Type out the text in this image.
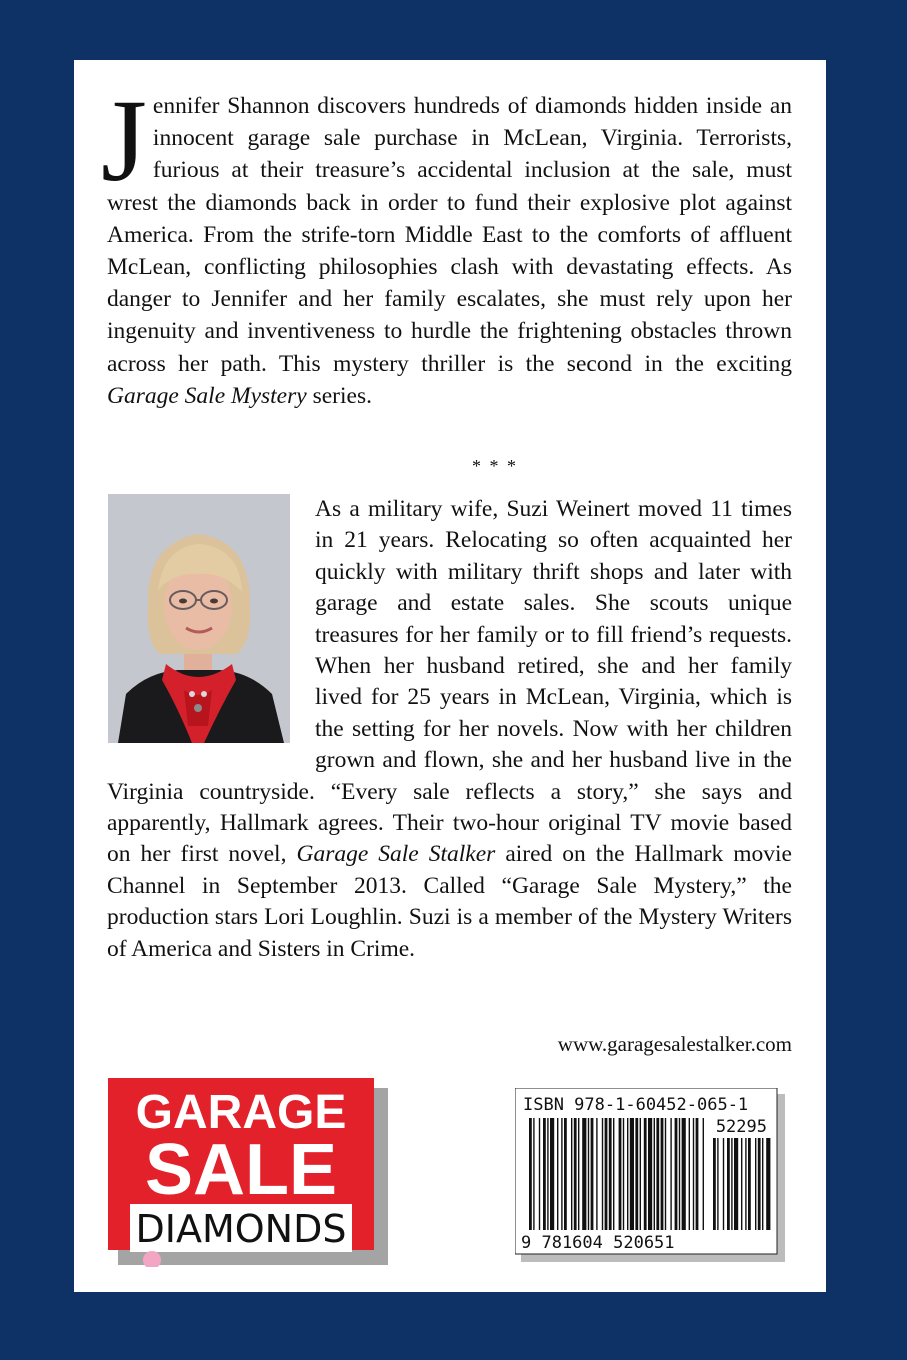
Jennifer Shannon discovers hundreds of diamonds hidden inside an innocent garage sale purchase in McLean, Virginia. Terrorists, furious at their treasure’s accidental inclusion at the sale, must wrest the diamonds back in order to fund their explosive plot against America. From the strife-torn Middle East to the comforts of affluent McLean, conflicting philosophies clash with devastating effects. As danger to Jennifer and her family escalates, she must rely upon her ingenuity and inventiveness to hurdle the frightening obstacles thrown across her path. This mystery thriller is the second in the exciting Garage Sale Mystery series.
* * *
As a military wife, Suzi Weinert moved 11 times in 21 years. Relocating so often acquainted her quickly with military thrift shops and later with garage and estate sales. She scouts unique treasures for her family or to fill friend’s requests. When her husband retired, she and her family lived for 25 years in McLean, Virginia, which is the setting for her novels. Now with her children grown and flown, she and her husband live in the Virginia countryside. “Every sale reflects a story,” she says and apparently, Hallmark agrees. Their two-hour original TV movie based on her first novel, Garage Sale Stalker aired on the Hallmark movie Channel in September 2013. Called “Garage Sale Mystery,” the production stars Lori Loughlin. Suzi is a member of the Mystery Writers of America and Sisters in Crime.
www.garagesalestalker.com
GARAGE
SALE
DIAMONDS
ISBN 978-1-60452-065-1
52295
9 781604 520651
